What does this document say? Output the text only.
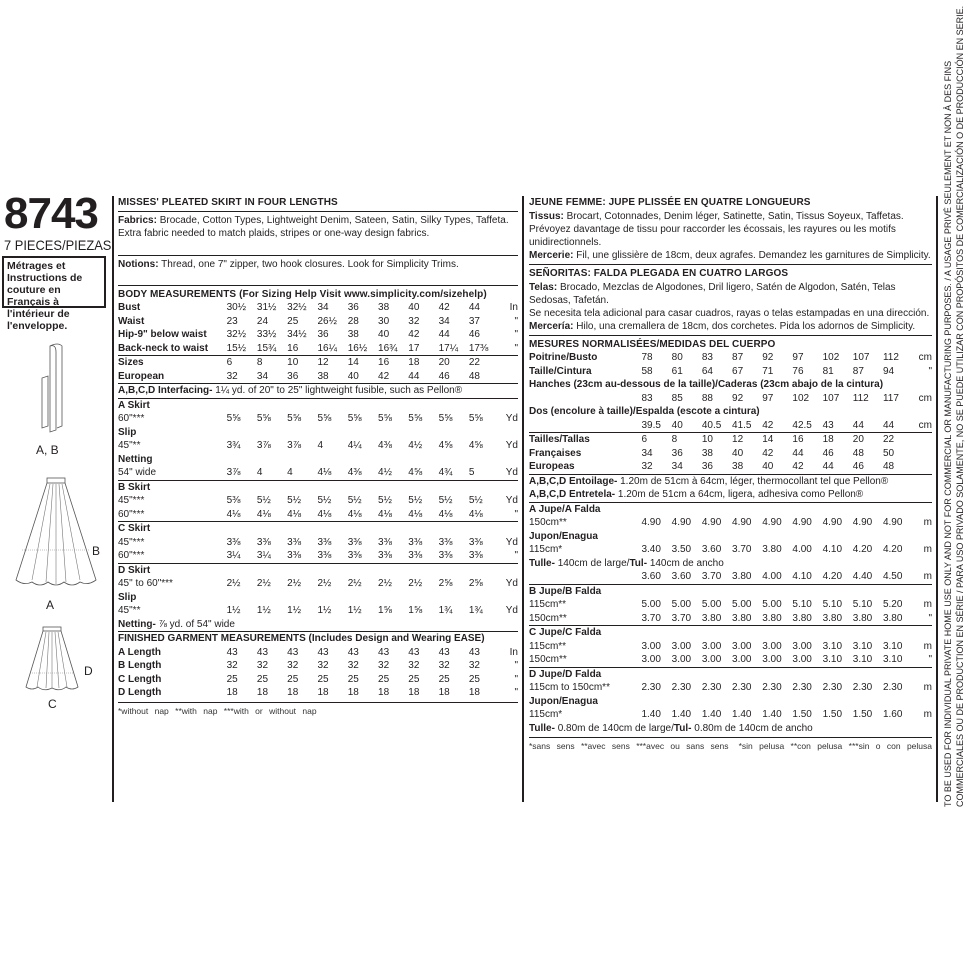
8743
7 PIECES/PIEZAS
Métrages et Instructions de couture en Français à l'intérieur de l'enveloppe.
A, B
B
A
D
C
MISSES' PLEATED SKIRT IN FOUR LENGTHS
Fabrics: Brocade, Cotton Types, Lightweight Denim, Sateen, Satin, Silky Types, Taffeta.
Extra fabric needed to match plaids, stripes or one-way design fabrics.
Notions: Thread, one 7" zipper, two hook closures. Look for Simplicity Trims.
BODY MEASUREMENTS (For Sizing Help Visit www.simplicity.com/sizehelp)
Bust	30½	31½	32½	34	36	38	40	42	44	In
Waist	23	24	25	26½	28	30	32	34	37	"
Hip-9" below waist	32½	33½	34½	36	38	40	42	44	46	"
Back-neck to waist	15½	15¾	16	16¼	16½	16¾	17	17¼	17⅜	"
Sizes	6	8	10	12	14	16	18	20	22	
European	32	34	36	38	40	42	44	46	48	
A,B,C,D Interfacing- 1¼ yd. of 20" to 25" lightweight fusible, such as Pellon®										
A Skirt										
60"***	5⅝	5⅝	5⅝	5⅝	5⅝	5⅝	5⅝	5⅝	5⅝	Yd
Slip										
45"**	3¾	3⅞	3⅞	4	4¼	4⅜	4½	4⅝	4⅝	Yd
Netting										
54" wide	3⅞	4	4	4⅛	4⅜	4½	4⅝	4¾	5	Yd
B Skirt										
45"***	5⅜	5½	5½	5½	5½	5½	5½	5½	5½	Yd
60"***	4⅛	4⅛	4⅛	4⅛	4⅛	4⅛	4⅛	4⅛	4⅛	"
C Skirt										
45"***	3⅜	3⅜	3⅜	3⅜	3⅜	3⅜	3⅜	3⅜	3⅜	Yd
60"***	3¼	3¼	3⅜	3⅜	3⅜	3⅜	3⅜	3⅜	3⅜	"
D Skirt										
45" to 60"***	2½	2½	2½	2½	2½	2½	2½	2⅝	2⅝	Yd
Slip										
45"**	1½	1½	1½	1½	1½	1⅝	1⅝	1¾	1¾	Yd
Netting- ⅞ yd. of 54" wide										
FINISHED GARMENT MEASUREMENTS (Includes Design and Wearing EASE)										
A Length	43	43	43	43	43	43	43	43	43	In
B Length	32	32	32	32	32	32	32	32	32	"
C Length	25	25	25	25	25	25	25	25	25	"
D Length	18	18	18	18	18	18	18	18	18	"
*without nap **with nap ***with or without nap
JEUNE FEMME: JUPE PLISSÉE EN QUATRE LONGUEURS
Tissus: Brocart, Cotonnades, Denim léger, Satinette, Satin, Tissus Soyeux, Taffetas.
Prévoyez davantage de tissu pour raccorder les écossais, les rayures ou les motifs unidirectionnels.
Mercerie: Fil, une glissière de 18cm, deux agrafes. Demandez les garnitures de Simplicity.
SEÑORITAS: FALDA PLEGADA EN CUATRO LARGOS
Telas: Brocado, Mezclas de Algodones, Dril ligero, Satén de Algodon, Satén, Telas Sedosas, Tafetán.
Se necesita tela adicional para casar cuadros, rayas o telas estampadas en una dirección.
Mercería: Hilo, una cremallera de 18cm, dos corchetes. Pida los adornos de Simplicity.
MESURES NORMALISÉES/MEDIDAS DEL CUERPO
Poitrine/Busto	78	80	83	87	92	97	102	107	112	cm
Taille/Cintura	58	61	64	67	71	76	81	87	94	"
Hanches (23cm au-dessous de la taille)/Caderas (23cm abajo de la cintura)										
	83	85	88	92	97	102	107	112	117	cm
Dos (encolure à taille)/Espalda (escote a cintura)										
	39.5	40	40.5	41.5	42	42.5	43	44	44	cm
Tailles/Tallas	6	8	10	12	14	16	18	20	22	
Françaises	34	36	38	40	42	44	46	48	50	
Europeas	32	34	36	38	40	42	44	46	48	
A,B,C,D Entoilage- 1.20m de 51cm à 64cm, léger, thermocollant tel que Pellon®										
A,B,C,D Entretela- 1.20m de 51cm a 64cm, ligera, adhesiva como Pellon®										
A Jupe/A Falda										
150cm**	4.90	4.90	4.90	4.90	4.90	4.90	4.90	4.90	4.90	m
Jupon/Enagua										
115cm*	3.40	3.50	3.60	3.70	3.80	4.00	4.10	4.20	4.20	m
Tulle- 140cm de large/Tul- 140cm de ancho										
	3.60	3.60	3.70	3.80	4.00	4.10	4.20	4.40	4.50	m
B Jupe/B Falda										
115cm**	5.00	5.00	5.00	5.00	5.00	5.10	5.10	5.10	5.20	m
150cm**	3.70	3.70	3.80	3.80	3.80	3.80	3.80	3.80	3.80	"
C Jupe/C Falda										
115cm**	3.00	3.00	3.00	3.00	3.00	3.00	3.10	3.10	3.10	m
150cm**	3.00	3.00	3.00	3.00	3.00	3.00	3.10	3.10	3.10	"
D Jupe/D Falda										
115cm to 150cm**	2.30	2.30	2.30	2.30	2.30	2.30	2.30	2.30	2.30	m
Jupon/Enagua										
115cm*	1.40	1.40	1.40	1.40	1.40	1.50	1.50	1.50	1.60	m
Tulle- 0.80m de 140cm de large/Tul- 0.80m de 140cm de ancho										
*sans sens **avec sens ***avec ou sans sens *sin pelusa **con pelusa ***sin o con pelusa TO BE USED FOR INDIVIDUAL PRIVATE HOME USE ONLY AND NOT FOR COMMERCIAL OR MANUFACTURING PURPOSES. / A USAGE PRIVÉ SEULEMENT ET NON À DES FINS COMMERCIALES OU DE PRODUCTION EN SÉRIE / PARA USO PRIVADO SOLAMENTE, NO SE PUEDE UTILIZAR CON PROPÓSITOS DE COMERCIALIZACIÓN O DE PRODUCCIÓN EN SERIE.
